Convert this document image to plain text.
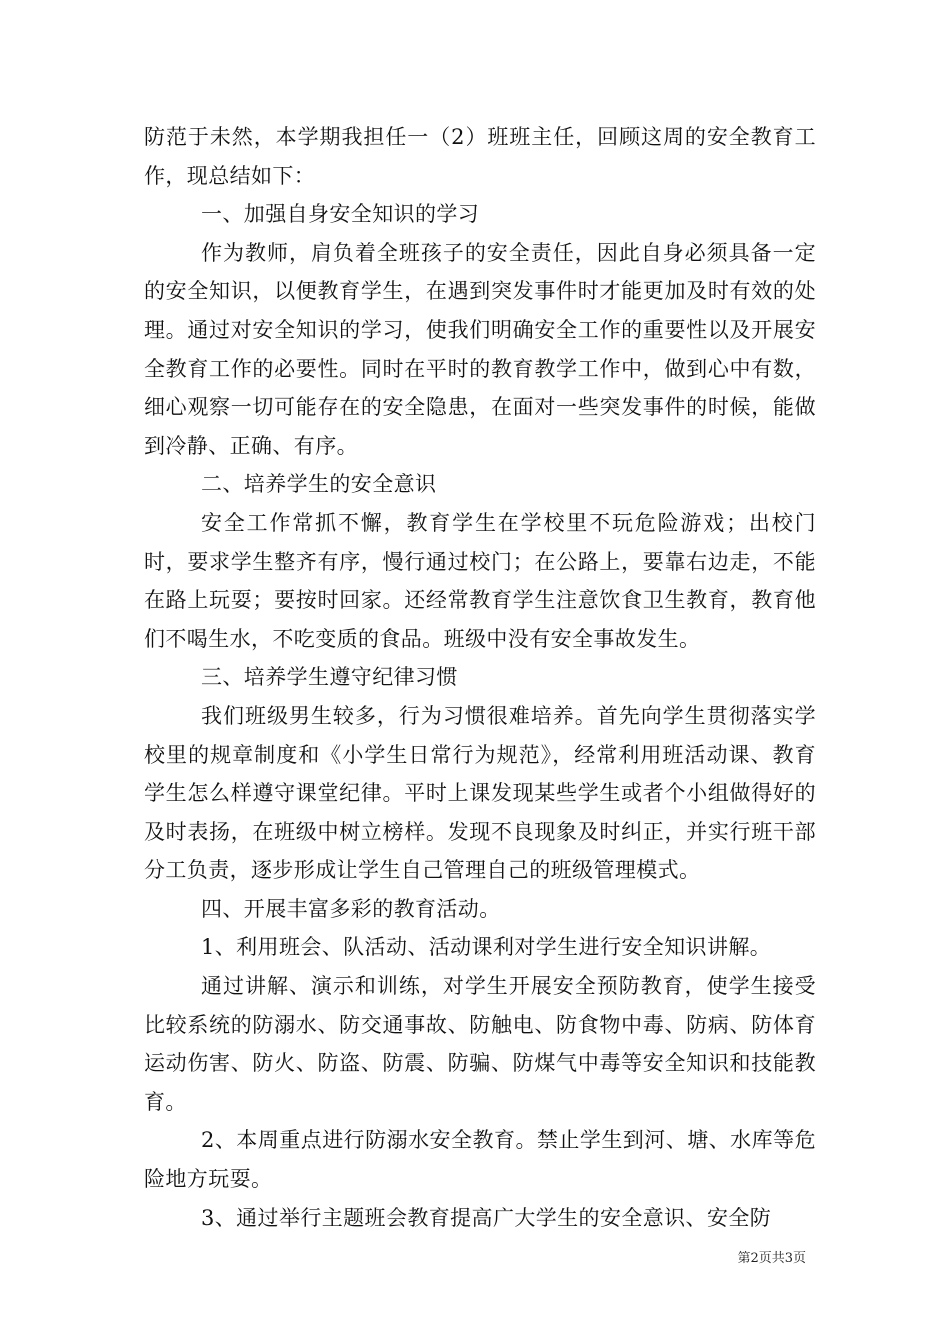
防范于未然，本学期我担任一（2）班班主任，回顾这周的安全教育工作，现总结如下：

一、加强自身安全知识的学习

作为教师，肩负着全班孩子的安全责任，因此自身必须具备一定的安全知识，以便教育学生，在遇到突发事件时才能更加及时有效的处理。通过对安全知识的学习，使我们明确安全工作的重要性以及开展安全教育工作的必要性。同时在平时的教育教学工作中，做到心中有数，细心观察一切可能存在的安全隐患，在面对一些突发事件的时候，能做到冷静、正确、有序。

二、培养学生的安全意识

安全工作常抓不懈，教育学生在学校里不玩危险游戏；出校门时，要求学生整齐有序，慢行通过校门；在公路上，要靠右边走，不能在路上玩耍；要按时回家。还经常教育学生注意饮食卫生教育，教育他们不喝生水，不吃变质的食品。班级中没有安全事故发生。

三、培养学生遵守纪律习惯

我们班级男生较多，行为习惯很难培养。首先向学生贯彻落实学校里的规章制度和《小学生日常行为规范》，经常利用班活动课、教育学生怎么样遵守课堂纪律。平时上课发现某些学生或者个小组做得好的及时表扬，在班级中树立榜样。发现不良现象及时纠正，并实行班干部分工负责，逐步形成让学生自己管理自己的班级管理模式。

四、开展丰富多彩的教育活动。

1、利用班会、队活动、活动课利对学生进行安全知识讲解。

通过讲解、演示和训练，对学生开展安全预防教育，使学生接受比较系统的防溺水、防交通事故、防触电、防食物中毒、防病、防体育运动伤害、防火、防盗、防震、防骗、防煤气中毒等安全知识和技能教育。

2、本周重点进行防溺水安全教育。禁止学生到河、塘、水库等危险地方玩耍。

3、通过举行主题班会教育提高广大学生的安全意识、安全防

第2页共3页
